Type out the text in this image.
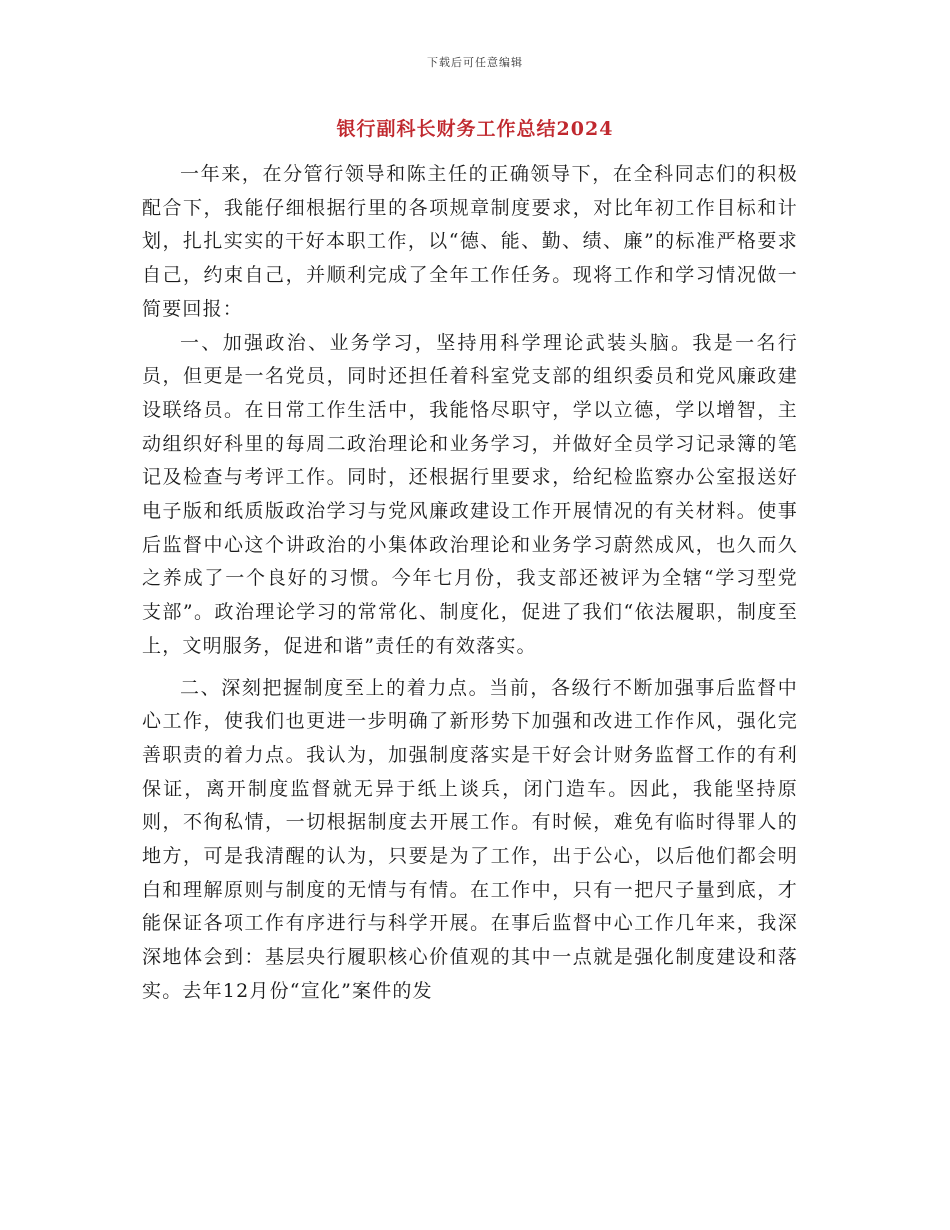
下载后可任意编辑
银行副科长财务工作总结2024

一年来，在分管行领导和陈主任的正确领导下，在全科同志们的积极配合下，我能仔细根据行里的各项规章制度要求，对比年初工作目标和计划，扎扎实实的干好本职工作，以“德、能、勤、绩、廉”的标准严格要求自己，约束自己，并顺利完成了全年工作任务。现将工作和学习情况做一简要回报：

一、加强政治、业务学习，坚持用科学理论武装头脑。我是一名行员，但更是一名党员，同时还担任着科室党支部的组织委员和党风廉政建设联络员。在日常工作生活中，我能恪尽职守，学以立德，学以增智，主动组织好科里的每周二政治理论和业务学习，并做好全员学习记录簿的笔记及检查与考评工作。同时，还根据行里要求，给纪检监察办公室报送好电子版和纸质版政治学习与党风廉政建设工作开展情况的有关材料。使事后监督中心这个讲政治的小集体政治理论和业务学习蔚然成风，也久而久之养成了一个良好的习惯。今年七月份，我支部还被评为全辖“学习型党支部”。政治理论学习的常常化、制度化，促进了我们“依法履职，制度至上，文明服务，促进和谐”责任的有效落实。

二、深刻把握制度至上的着力点。当前，各级行不断加强事后监督中心工作，使我们也更进一步明确了新形势下加强和改进工作作风，强化完善职责的着力点。我认为，加强制度落实是干好会计财务监督工作的有利保证，离开制度监督就无异于纸上谈兵，闭门造车。因此，我能坚持原则，不徇私情，一切根据制度去开展工作。有时候，难免有临时得罪人的地方，可是我清醒的认为，只要是为了工作，出于公心，以后他们都会明白和理解原则与制度的无情与有情。在工作中，只有一把尺子量到底，才能保证各项工作有序进行与科学开展。在事后监督中心工作几年来，我深深地体会到：基层央行履职核心价值观的其中一点就是强化制度建设和落实。去年12月份“宣化”案件的发
